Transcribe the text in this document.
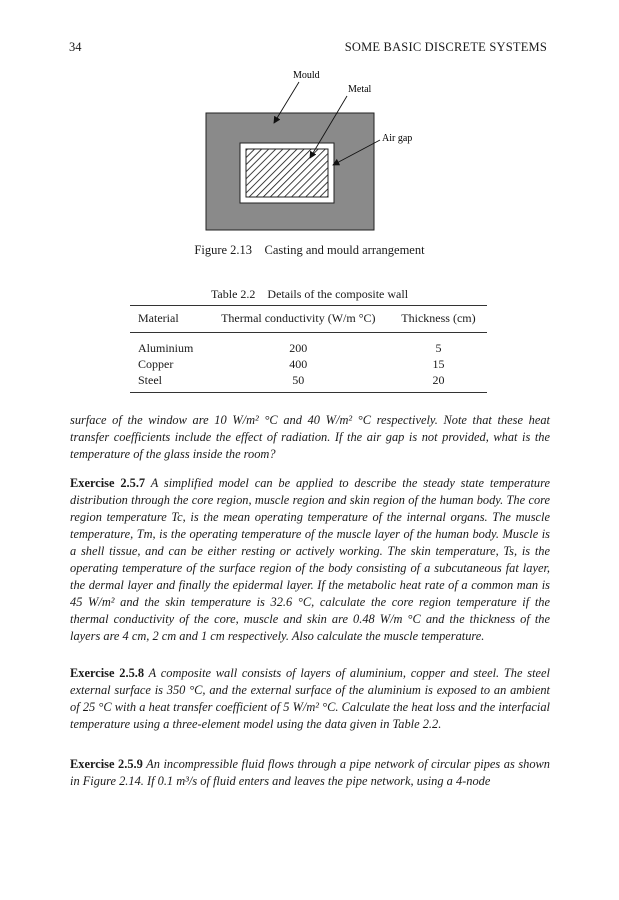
34	SOME BASIC DISCRETE SYSTEMS
Mould
Metal
Air gap
Figure 2.13    Casting and mould arrangement
Table 2.2    Details of the composite wall
Material	Thermal conductivity (W/m °C)	Thickness (cm)
Aluminium	200	5
Copper	400	15
Steel	50	20

surface of the window are 10 W/m² °C and 40 W/m² °C respectively. Note that these heat transfer coefficients include the effect of radiation. If the air gap is not provided, what is the temperature of the glass inside the room?

Exercise 2.5.7 A simplified model can be applied to describe the steady state temperature distribution through the core region, muscle region and skin region of the human body. The core region temperature Tc, is the mean operating temperature of the internal organs. The muscle temperature, Tm, is the operating temperature of the muscle layer of the human body. Muscle is a shell tissue, and can be either resting or actively working. The skin temperature, Ts, is the operating temperature of the surface region of the body consisting of a subcutaneous fat layer, the dermal layer and finally the epidermal layer. If the metabolic heat rate of a common man is 45 W/m² and the skin temperature is 32.6 °C, calculate the core region temperature if the thermal conductivity of the core, muscle and skin are 0.48 W/m °C and the thickness of the layers are 4 cm, 2 cm and 1 cm respectively. Also calculate the muscle temperature.

Exercise 2.5.8 A composite wall consists of layers of aluminium, copper and steel. The steel external surface is 350 °C, and the external surface of the aluminium is exposed to an ambient of 25 °C with a heat transfer coefficient of 5 W/m² °C. Calculate the heat loss and the interfacial temperature using a three-element model using the data given in Table 2.2.

Exercise 2.5.9 An incompressible fluid flows through a pipe network of circular pipes as shown in Figure 2.14. If 0.1 m³/s of fluid enters and leaves the pipe network, using a 4-node
